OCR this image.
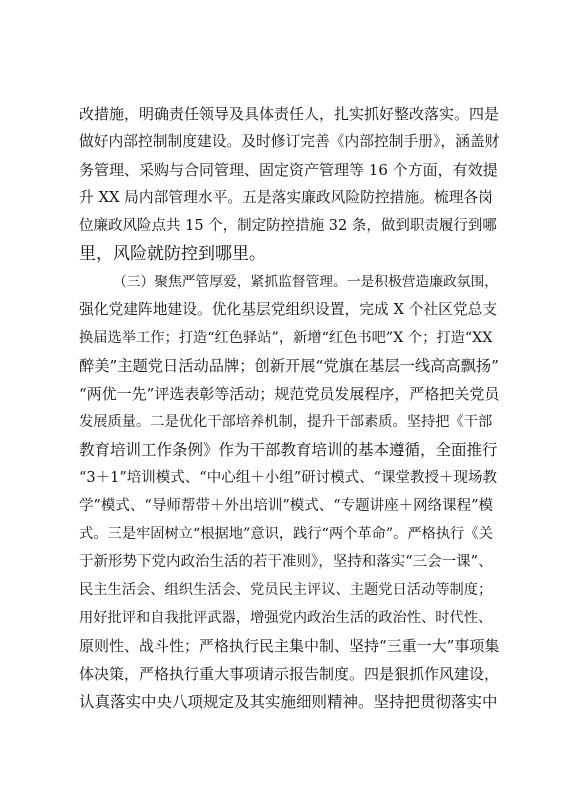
改措施，明确责任领导及具体责任人，扎实抓好整改落实。四是
做好内部控制制度建设。及时修订完善《内部控制手册》，涵盖财
务管理、采购与合同管理、固定资产管理等 16 个方面，有效提
升 XX 局内部管理水平。五是落实廉政风险防控措施。梳理各岗
位廉政风险点共 15 个，制定防控措施 32 条，做到职责履行到哪
里，风险就防控到哪里。
（三）聚焦严管厚爱，紧抓监督管理。一是积极营造廉政氛围，
强化党建阵地建设。优化基层党组织设置，完成 X 个社区党总支
换届选举工作；打造“红色驿站”，新增“红色书吧”X 个；打造“XX
醉美”主题党日活动品牌；创新开展“党旗在基层一线高高飘扬”
“两优一先”评选表彰等活动；规范党员发展程序，严格把关党员
发展质量。二是优化干部培养机制，提升干部素质。坚持把《干部
教育培训工作条例》作为干部教育培训的基本遵循，全面推行
“3＋1”培训模式、“中心组＋小组”研讨模式、“课堂教授＋现场教
学”模式、“导师帮带＋外出培训”模式、“专题讲座＋网络课程”模
式。三是牢固树立“根据地”意识，践行“两个革命”。严格执行《关
于新形势下党内政治生活的若干准则》，坚持和落实“三会一课”、
民主生活会、组织生活会、党员民主评议、主题党日活动等制度；
用好批评和自我批评武器，增强党内政治生活的政治性、时代性、
原则性、战斗性；严格执行民主集中制、坚持“三重一大”事项集
体决策，严格执行重大事项请示报告制度。四是狠抓作风建设，
认真落实中央八项规定及其实施细则精神。坚持把贯彻落实中
